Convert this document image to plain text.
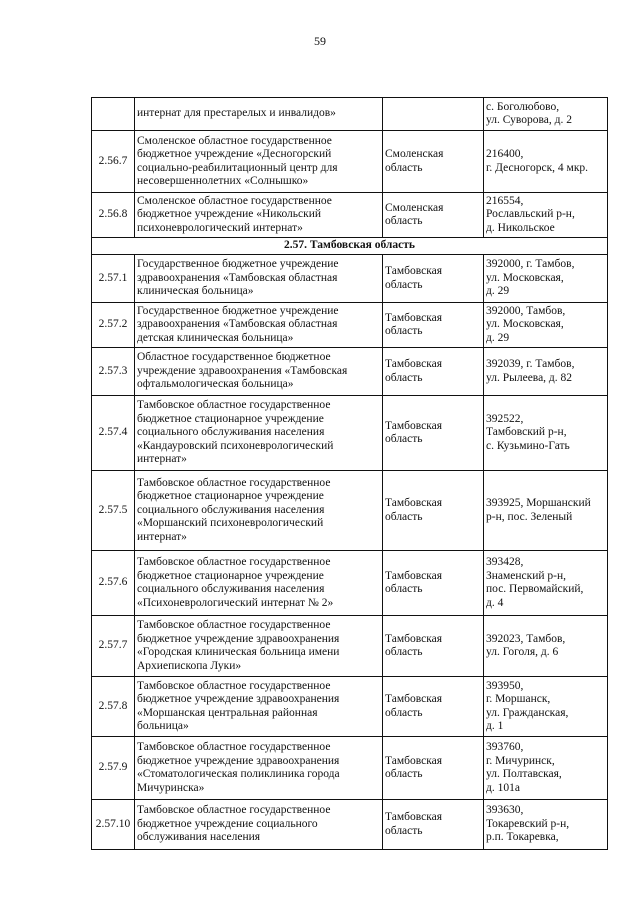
59

	интернат для престарелых и инвалидов»		с. Боголюбово,
ул. Суворова, д. 2

2.56.7	Смоленское областное государственное
бюджетное учреждение «Десногорский
социально-реабилитационный центр для
несовершеннолетних «Солнышко»	Смоленская
область	216400,
г. Десногорск, 4 мкр.

2.56.8	Смоленское областное государственное
бюджетное учреждение «Никольский
психоневрологический интернат»	Смоленская
область	216554,
Рославльский р-н,
д. Никольское

2.57. Тамбовская область			

2.57.1	Государственное бюджетное учреждение
здравоохранения «Тамбовская областная
клиническая больница»	Тамбовская
область	392000, г. Тамбов,
ул. Московская,
д. 29

2.57.2	Государственное бюджетное учреждение
здравоохранения «Тамбовская областная
детская клиническая больница»	Тамбовская
область	392000, Тамбов,
ул. Московская,
д. 29

2.57.3	Областное государственное бюджетное
учреждение здравоохранения «Тамбовская
офтальмологическая больница»	Тамбовская
область	392039, г. Тамбов,
ул. Рылеева, д. 82

2.57.4	Тамбовское областное государственное
бюджетное стационарное учреждение
социального обслуживания населения
«Кандауровский психоневрологический
интернат»	Тамбовская
область	392522,
Тамбовский р-н,
с. Кузьмино-Гать

2.57.5	Тамбовское областное государственное
бюджетное стационарное учреждение
социального обслуживания населения
«Моршанский психоневрологический
интернат»	Тамбовская
область	393925, Моршанский
р-н, пос. Зеленый

2.57.6	Тамбовское областное государственное
бюджетное стационарное учреждение
социального обслуживания населения
«Психоневрологический интернат № 2»	Тамбовская
область	393428,
Знаменский р-н,
пос. Первомайский,
д. 4

2.57.7	Тамбовское областное государственное
бюджетное учреждение здравоохранения
«Городская клиническая больница имени
Архиепископа Луки»	Тамбовская
область	392023, Тамбов,
ул. Гоголя, д. 6

2.57.8	Тамбовское областное государственное
бюджетное учреждение здравоохранения
«Моршанская центральная районная
больница»	Тамбовская
область	393950,
г. Моршанск,
ул. Гражданская,
д. 1

2.57.9	Тамбовское областное государственное
бюджетное учреждение здравоохранения
«Стоматологическая поликлиника города
Мичуринска»	Тамбовская
область	393760,
г. Мичуринск,
ул. Полтавская,
д. 101а

2.57.10	Тамбовское областное государственное
бюджетное учреждение социального
обслуживания населения	Тамбовская
область	393630,
Токаревский р-н,
р.п. Токаревка,
